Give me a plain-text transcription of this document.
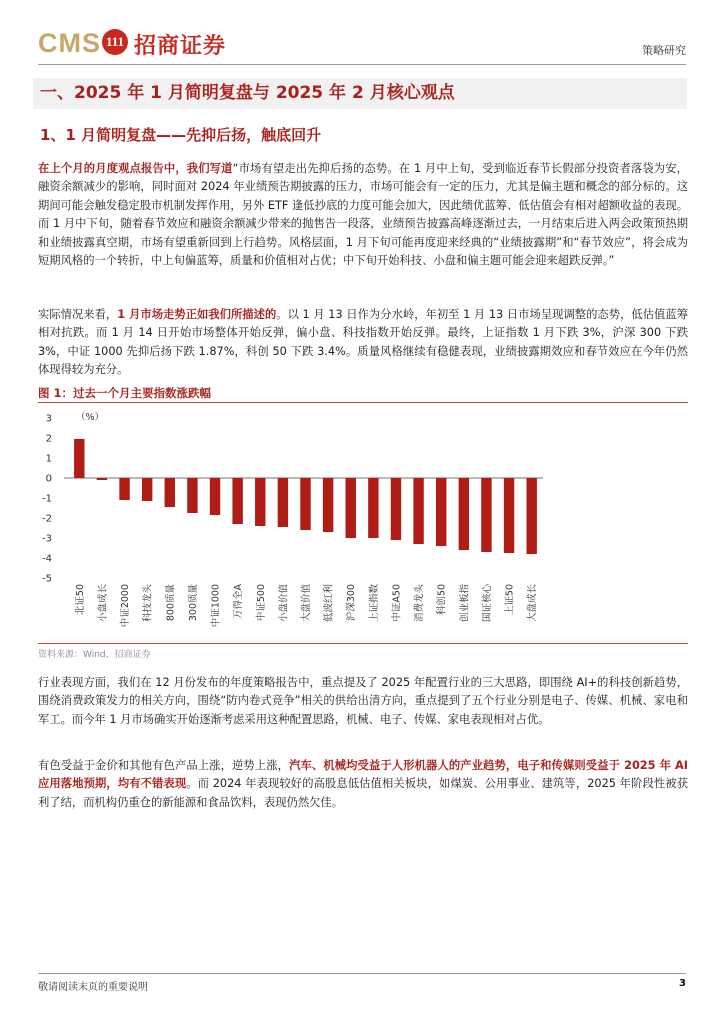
CMS 111 招商证券	策略研究
一、2025 年 1 月简明复盘与 2025 年 2 月核心观点
1、1 月简明复盘——先抑后扬，触底回升
在上个月的月度观点报告中，我们写道“市场有望走出先抑后扬的态势。在 1 月中上旬，受到临近春节长假部分投资者落袋为安，融资余额减少的影响，同时面对 2024 年业绩预告期披露的压力，市场可能会有一定的压力，尤其是偏主题和概念的部分标的。这期间可能会触发稳定股市机制发挥作用，另外 ETF 逢低抄底的力度可能会加大，因此绩优蓝筹、低估值会有相对超额收益的表现。而 1 月中下旬，随着春节效应和融资余额减少带来的抛售告一段落，业绩预告披露高峰逐渐过去，一月结束后进入两会政策预热期和业绩披露真空期，市场有望重新回到上行趋势。风格层面，1 月下旬可能再度迎来经典的“业绩披露期”和“春节效应”，将会成为短期风格的一个转折，中上旬偏蓝筹，质量和价值相对占优；中下旬开始科技、小盘和偏主题可能会迎来超跌反弹。”
实际情况来看，1 月市场走势正如我们所描述的。以 1 月 13 日作为分水岭，年初至 1 月 13 日市场呈现调整的态势，低估值蓝筹相对抗跌。而 1 月 14 日开始市场整体开始反弹，偏小盘、科技指数开始反弹。最终，上证指数 1 月下跌 3%，沪深 300 下跌 3%，中证 1000 先抑后扬下跌 1.87%，科创 50 下跌 3.4%。质量风格继续有稳健表现，业绩披露期效应和春节效应在今年仍然体现得较为充分。
图 1：过去一个月主要指数涨跌幅
3
2
1
0
-1
-2
-3
-4
-5
北证50 小盘成长 中证2000 科技龙头 800质量 300质量 中证1000 万得全A 中证500 小盘价值 大盘价值 低波红利 沪深300 上证指数 中证A50 消费龙头 科创50 创业板指 国证核心 上证50 大盘成长
（%）
资料来源：Wind、招商证券
行业表现方面，我们在 12 月份发布的年度策略报告中，重点提及了 2025 年配置行业的三大思路，即围绕 AI+的科技创新趋势，围绕消费政策发力的相关方向，围绕“防内卷式竞争”相关的供给出清方向，重点提到了五个行业分别是电子、传媒、机械、家电和军工。而今年 1 月市场确实开始逐渐考虑采用这种配置思路，机械、电子、传媒、家电表现相对占优。
有色受益于金价和其他有色产品上涨，逆势上涨，汽车、机械均受益于人形机器人的产业趋势，电子和传媒则受益于 2025 年 AI 应用落地预期，均有不错表现。而 2024 年表现较好的高股息低估值相关板块，如煤炭、公用事业、建筑等，2025 年阶段性被获利了结，而机构仍重仓的新能源和食品饮料，表现仍然欠佳。
敬请阅读末页的重要说明	3
